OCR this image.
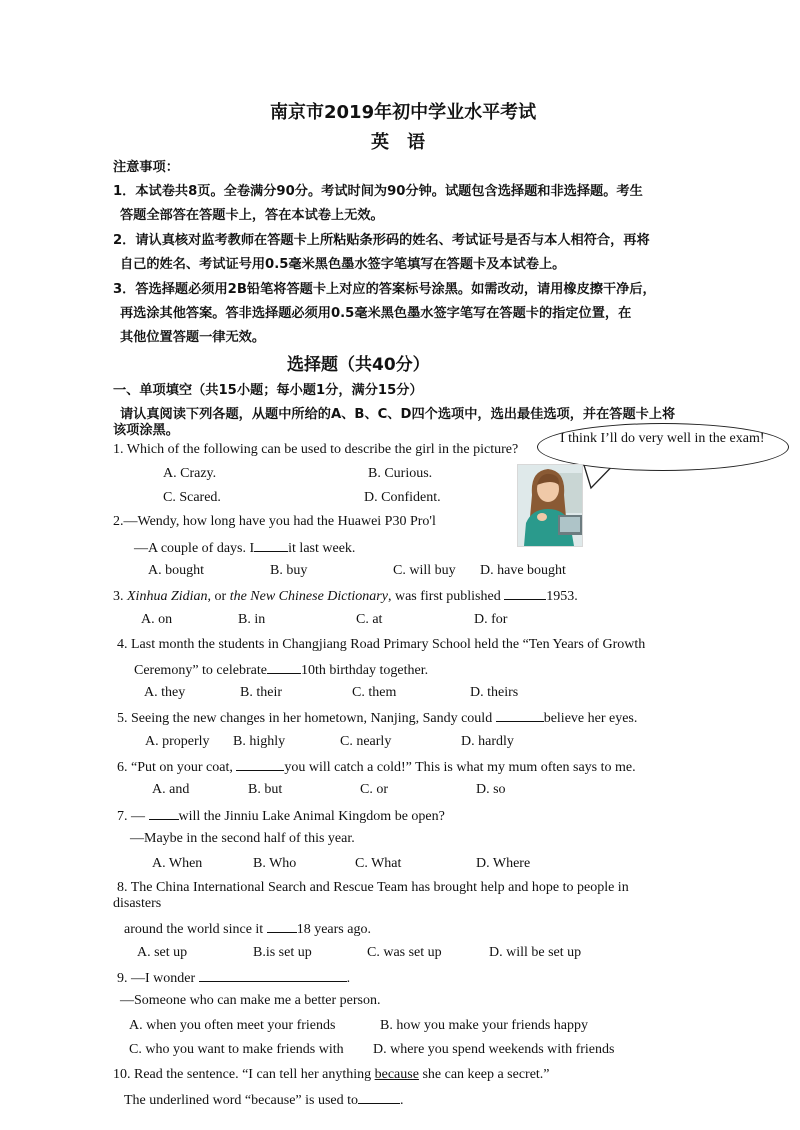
南京市2019年初中学业水平考试
英　语
注意事项：
1．本试卷共8页。全卷满分90分。考试时间为90分钟。试题包含选择题和非选择题。考生
答题全部答在答题卡上，答在本试卷上无效。
2．请认真核对监考教师在答题卡上所粘贴条形码的姓名、考试证号是否与本人相符合，再将
自己的姓名、考试证号用0.5毫米黑色墨水签字笔填写在答题卡及本试卷上。
3．答选择题必须用2B铅笔将答题卡上对应的答案标号涂黑。如需改动，请用橡皮擦干净后，
再选涂其他答案。答非选择题必须用0.5毫米黑色墨水签字笔写在答题卡的指定位置，在
其他位置答题一律无效。
选择题（共40分）
一、单项填空（共15小题；每小题1分，满分15分）
请认真阅读下列各题，从题中所给的A、B、C、D四个选项中，选出最佳选项，并在答题卡上将
该项涂黑。
I think I’ll do very well in the exam!
1. Which of the following can be used to describe the girl in the picture?
A. Crazy.	B. Curious.
C. Scared.	D. Confident.
2.—Wendy, how long have you had the Huawei P30 Pro'l
—A couple of days. I it last week.
A. bought	B. buy	C. will buy D. have bought
3. Xinhua Zidian, or the New Chinese Dictionary, was first published	1953.
A. on	B. in	C. at	D. for
4. Last month the students in Changjiang Road Primary School held the “Ten Years of Growth
Ceremony” to celebrate 10th birthday together.
A. they	B. their	C. them	D. theirs
5. Seeing the new changes in her hometown, Nanjing, Sandy could	believe her eyes.
A. properly B. highly	C. nearly	D. hardly
6. “Put on your coat,	you will catch a cold!” This is what my mum often says to me.
A. and	B. but	C. or	D. so
7. — will the Jinniu Lake Animal Kingdom be open?
—Maybe in the second half of this year.
A. When	B. Who	C. What	D. Where
8. The China International Search and Rescue Team has brought help and hope to people in
disasters
around the world since it 18 years ago.
A. set up	B.is set up	C. was set up	D. will be set up
9. —I wonder	.
—Someone who can make me a better person.
A. when you often meet your friends	B. how you make your friends happy
C. who you want to make friends with D. where you spend weekends with friends
10. Read the sentence. “I can tell her anything because she can keep a secret.”
The underlined word “because” is used to	.
